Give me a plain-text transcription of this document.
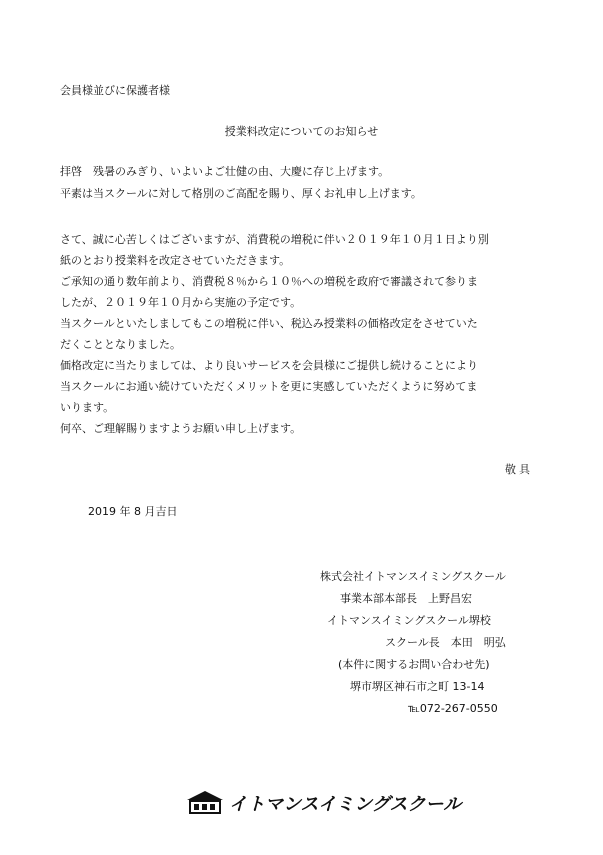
会員様並びに保護者様
授業料改定についてのお知らせ
拝啓　残暑のみぎり、いよいよご壮健の由、大慶に存じ上げます。
平素は当スクールに対して格別のご高配を賜り、厚くお礼申し上げます。
さて、誠に心苦しくはございますが、消費税の増税に伴い２０１９年１０月１日より別
紙のとおり授業料を改定させていただきます。
ご承知の通り数年前より、消費税８％から１０％への増税を政府で審議されて参りま
したが、２０１９年１０月から実施の予定です。
当スクールといたしましてもこの増税に伴い、税込み授業料の価格改定をさせていた
だくこととなりました。
価格改定に当たりましては、より良いサービスを会員様にご提供し続けることにより
当スクールにお通い続けていただくメリットを更に実感していただくように努めてま
いります。
何卒、ご理解賜りますようお願い申し上げます。
敬具
2019 年 8 月吉日
株式会社イトマンスイミングスクール
事業本部本部長　上野昌宏
イトマンスイミングスクール堺校
スクール長　本田　明弘
(本件に関するお問い合わせ先)
堺市堺区神石市之町 13-14
℡072-267-0550
イトマンスイミングスクール
